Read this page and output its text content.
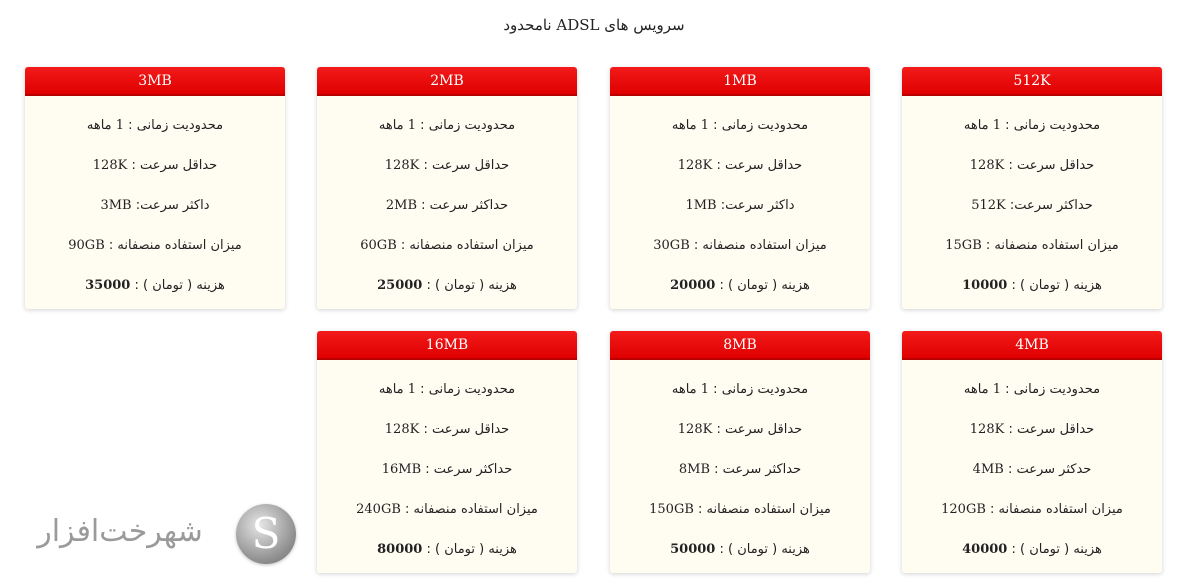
سرویس های ADSL نامحدود
512K
محدودیت زمانی : 1 ماهه
حداقل سرعت : 128K
حداکثر سرعت: 512K
میزان استفاده منصفانه : 15GB
هزینه ( تومان ) : 10000
1MB
محدودیت زمانی : 1 ماهه
حداقل سرعت : 128K
داکثر سرعت: 1MB
میزان استفاده منصفانه : 30GB
هزینه ( تومان ) : 20000
2MB
محدودیت زمانی : 1 ماهه
حداقل سرعت : 128K
حداکثر سرعت : 2MB
میزان استفاده منصفانه : 60GB
هزینه ( تومان ) : 25000
3MB
محدودیت زمانی : 1 ماهه
حداقل سرعت : 128K
داکثر سرعت: 3MB
میزان استفاده منصفانه : 90GB
هزینه ( تومان ) : 35000
4MB
محدودیت زمانی : 1 ماهه
حداقل سرعت : 128K
حدکثر سرعت : 4MB
میزان استفاده منصفانه : 120GB
هزینه ( تومان ) : 40000
8MB
محدودیت زمانی : 1 ماهه
حداقل سرعت : 128K
حداکثر سرعت : 8MB
میزان استفاده منصفانه : 150GB
هزینه ( تومان ) : 50000
16MB
محدودیت زمانی : 1 ماهه
حداقل سرعت : 128K
حداکثر سرعت : 16MB
میزان استفاده منصفانه : 240GB
هزینه ( تومان ) : 80000
شهر‌خت‌افزار	S
